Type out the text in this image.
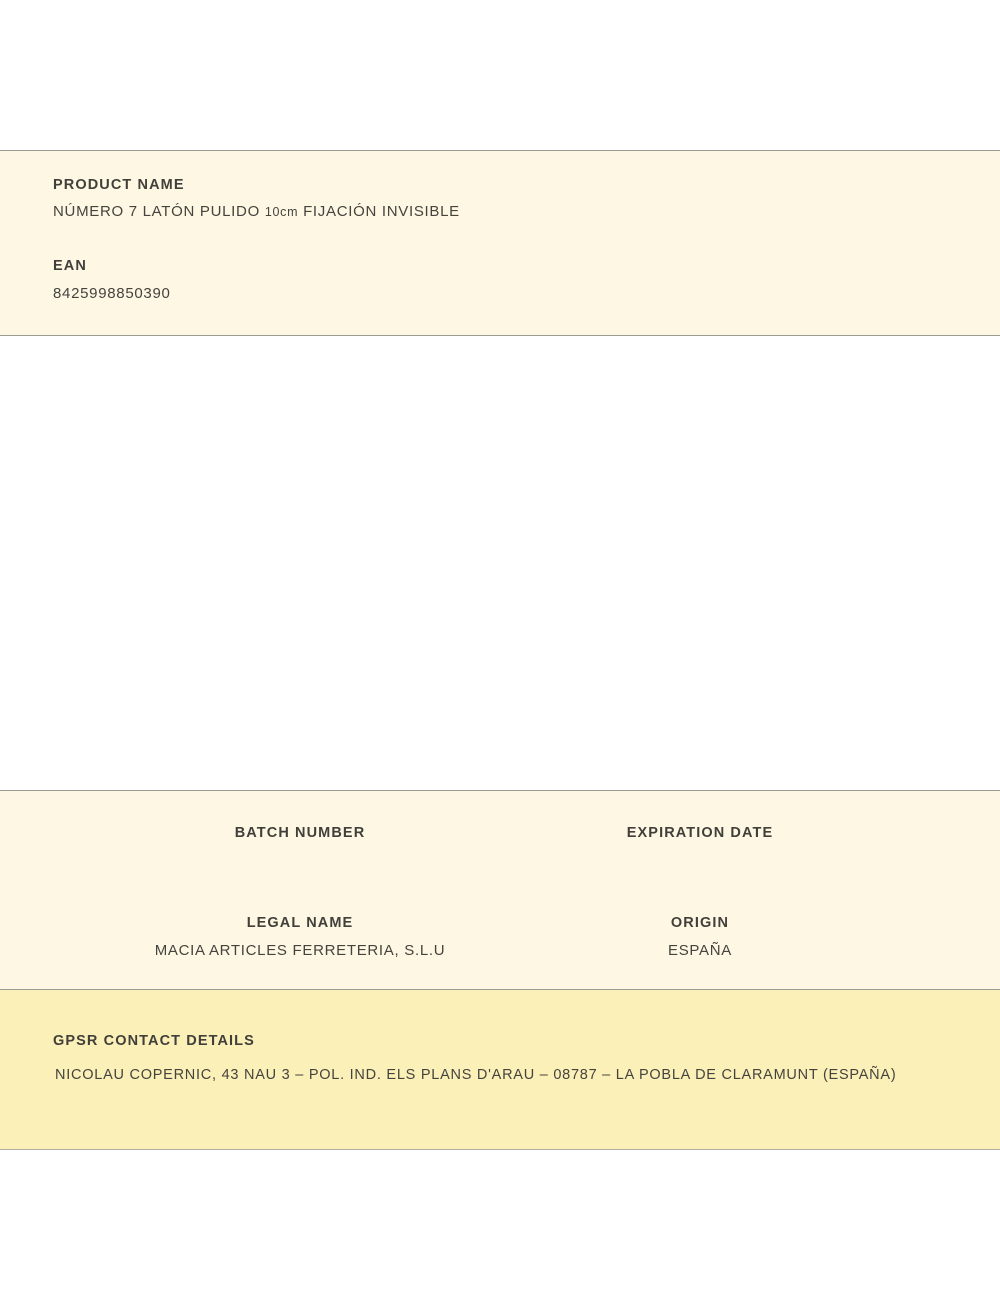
PRODUCT NAME
NÚMERO 7 LATÓN PULIDO 10cm FIJACIÓN INVISIBLE
EAN
8425998850390
BATCH NUMBER	EXPIRATION DATE
LEGAL NAME
MACIA ARTICLES FERRETERIA, S.L.U
ORIGIN
ESPAÑA
GPSR CONTACT DETAILS
NICOLAU COPERNIC, 43 NAU 3 – POL. IND. ELS PLANS D'ARAU – 08787 – LA POBLA DE CLARAMUNT (ESPAÑA)
